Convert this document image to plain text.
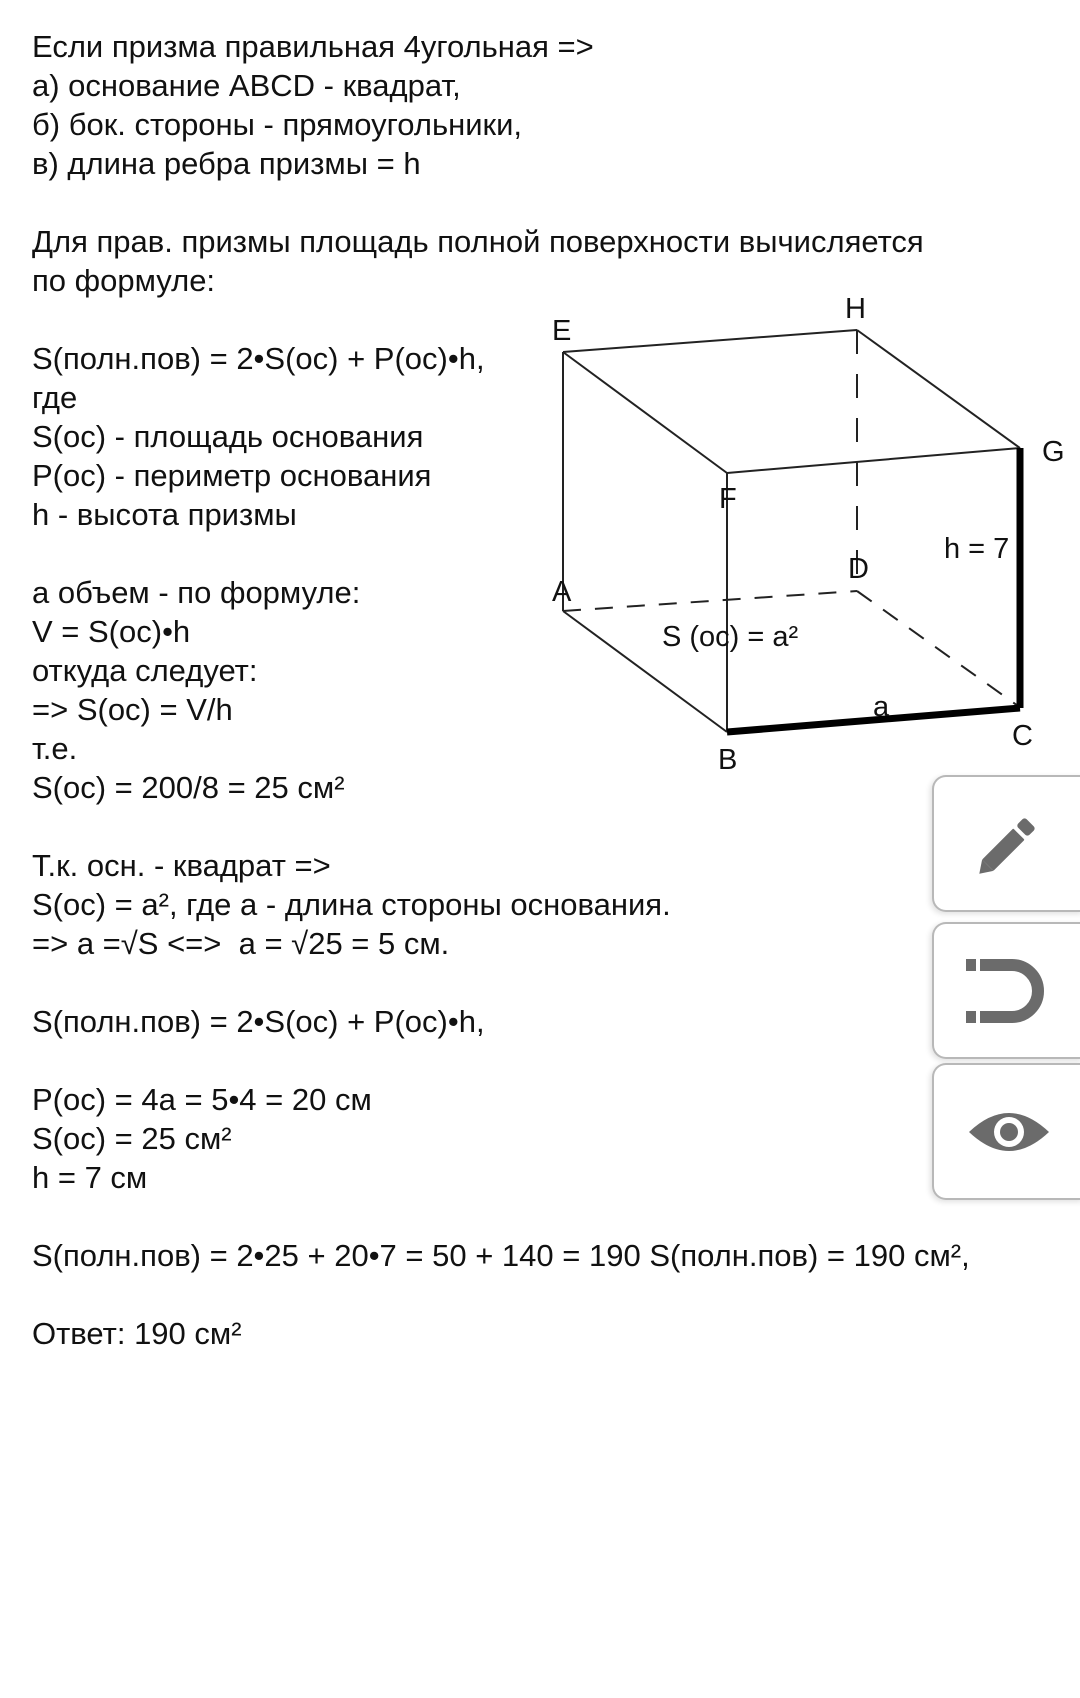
Если призма правильная 4угольная =>
а) основание ABCD - квадрат,
б) бок. стороны - прямоугольники,
в) длина ребра призмы = h
Для прав. призмы площадь полной поверхности вычисляется
по формуле:
S(полн.пов) = 2•S(ос) + Р(ос)•h,
где
S(ос) - площадь основания
Р(ос) - периметр основания
h - высота призмы
а объем - по формуле:
V = S(ос)•h
откуда следует:
=> S(ос) = V/h
т.е.
S(ос) = 200/8 = 25 см²
Т.к. осн. - квадрат =>
S(ос) = а², где а - длина стороны основания.
=> а =√S <=>  а = √25 = 5 см.
S(полн.пов) = 2•S(ос) + Р(ос)•h,
Р(ос) = 4а = 5•4 = 20 см
S(ос) = 25 см²
h = 7 см
S(полн.пов) = 2•25 + 20•7 = 50 + 140 = 190 S(полн.пов) = 190 см²,
Ответ: 190 см²
E
H
G
F
D
A
B
C
h = 7
S (ос) = а²
a
